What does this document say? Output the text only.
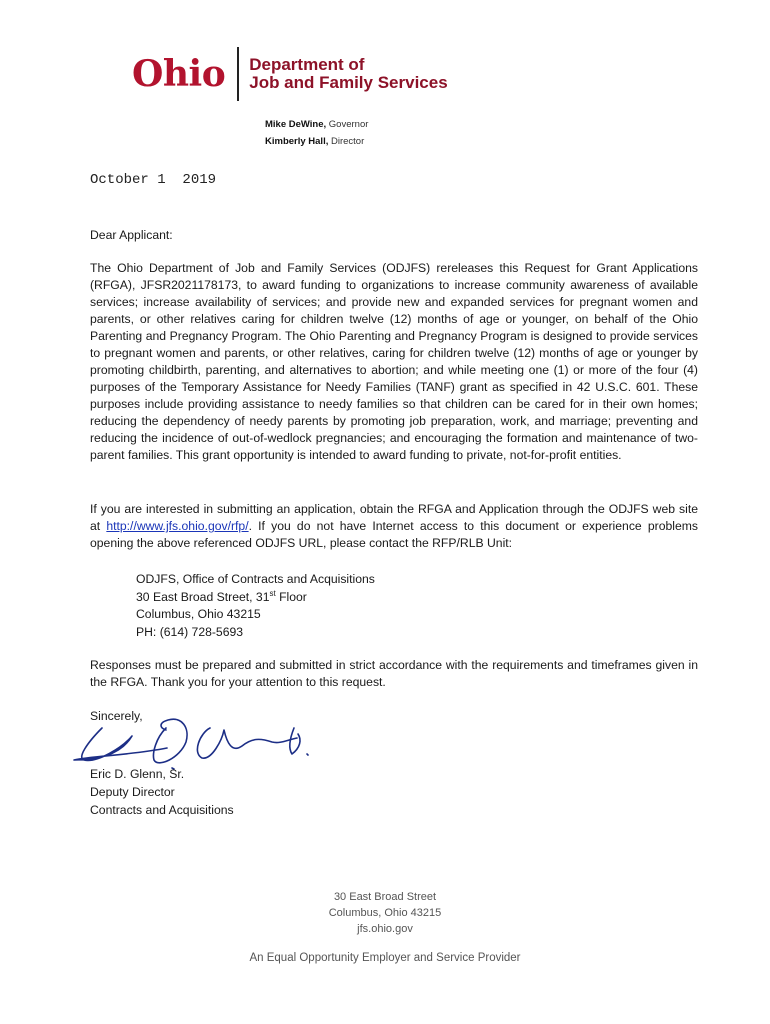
Ohio Department of
Job and Family Services
Mike DeWine, Governor
Kimberly Hall, Director
October 1  2019
Dear Applicant:
The Ohio Department of Job and Family Services (ODJFS) rereleases this Request for Grant Applications (RFGA), JFSR2021178173, to award funding to organizations to increase community awareness of available services; increase availability of services; and provide new and expanded services for pregnant women and parents, or other relatives caring for children twelve (12) months of age or younger, on behalf of the Ohio Parenting and Pregnancy Program. The Ohio Parenting and Pregnancy Program is designed to provide services to pregnant women and parents, or other relatives, caring for children twelve (12) months of age or younger by promoting childbirth, parenting, and alternatives to abortion; and while meeting one (1) or more of the four (4) purposes of the Temporary Assistance for Needy Families (TANF) grant as specified in 42 U.S.C. 601. These purposes include providing assistance to needy families so that children can be cared for in their own homes; reducing the dependency of needy parents by promoting job preparation, work, and marriage; preventing and reducing the incidence of out-of-wedlock pregnancies; and encouraging the formation and maintenance of two-parent families. This grant opportunity is intended to award funding to private, not-for-profit entities.
If you are interested in submitting an application, obtain the RFGA and Application through the ODJFS web site at http://www.jfs.ohio.gov/rfp/. If you do not have Internet access to this document or experience problems opening the above referenced ODJFS URL, please contact the RFP/RLB Unit:
ODJFS, Office of Contracts and Acquisitions
30 East Broad Street, 31st Floor
Columbus, Ohio 43215
PH: (614) 728-5693
Responses must be prepared and submitted in strict accordance with the requirements and timeframes given in the RFGA. Thank you for your attention to this request.
Sincerely,
Eric D. Glenn, Sr.
Deputy Director
Contracts and Acquisitions
30 East Broad Street
Columbus, Ohio 43215
jfs.ohio.gov
An Equal Opportunity Employer and Service Provider
